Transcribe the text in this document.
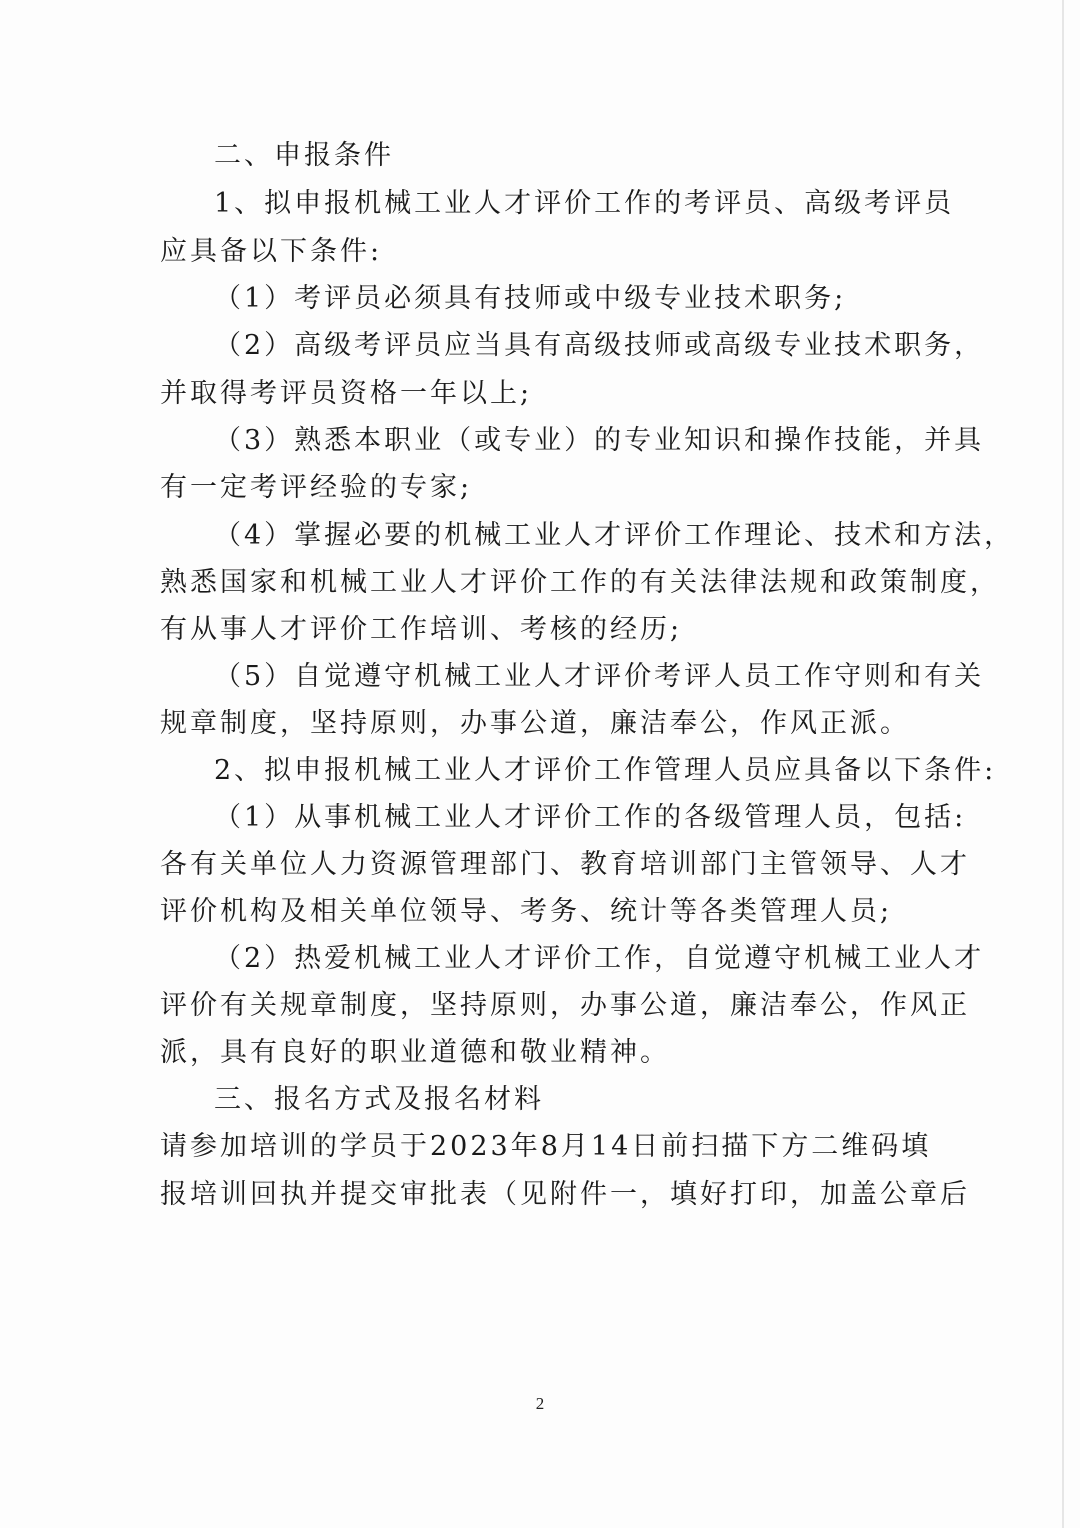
二、申报条件
1、拟申报机械工业人才评价工作的考评员、高级考评员
应具备以下条件:
（1）考评员必须具有技师或中级专业技术职务;
（2）高级考评员应当具有高级技师或高级专业技术职务，
并取得考评员资格一年以上;
（3）熟悉本职业（或专业）的专业知识和操作技能，并具
有一定考评经验的专家;
（4）掌握必要的机械工业人才评价工作理论、技术和方法，
熟悉国家和机械工业人才评价工作的有关法律法规和政策制度，
有从事人才评价工作培训、考核的经历;
（5）自觉遵守机械工业人才评价考评人员工作守则和有关
规章制度，坚持原则，办事公道，廉洁奉公，作风正派。
2、拟申报机械工业人才评价工作管理人员应具备以下条件:
（1）从事机械工业人才评价工作的各级管理人员，包括:
各有关单位人力资源管理部门、教育培训部门主管领导、人才
评价机构及相关单位领导、考务、统计等各类管理人员;
（2）热爱机械工业人才评价工作，自觉遵守机械工业人才
评价有关规章制度，坚持原则，办事公道，廉洁奉公，作风正
派，具有良好的职业道德和敬业精神。
三、报名方式及报名材料
请参加培训的学员于2023年8月14日前扫描下方二维码填
报培训回执并提交审批表（见附件一，填好打印，加盖公章后
2
